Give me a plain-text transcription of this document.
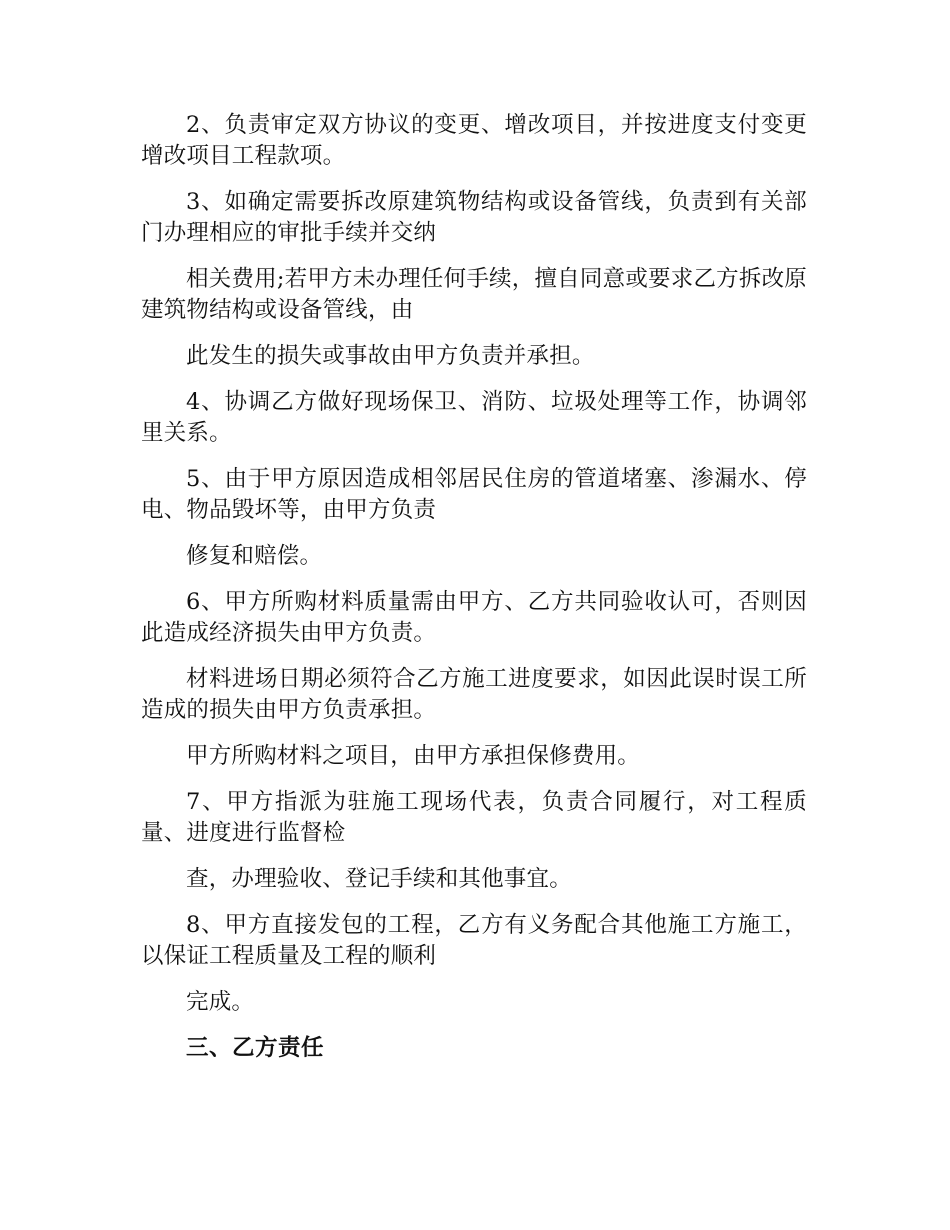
2、负责审定双方协议的变更、增改项目，并按进度支付变更增改项目工程款项。

3、如确定需要拆改原建筑物结构或设备管线，负责到有关部门办理相应的审批手续并交纳

相关费用;若甲方未办理任何手续，擅自同意或要求乙方拆改原建筑物结构或设备管线，由

此发生的损失或事故由甲方负责并承担。

4、协调乙方做好现场保卫、消防、垃圾处理等工作，协调邻里关系。

5、由于甲方原因造成相邻居民住房的管道堵塞、渗漏水、停电、物品毁坏等，由甲方负责

修复和赔偿。

6、甲方所购材料质量需由甲方、乙方共同验收认可，否则因此造成经济损失由甲方负责。

材料进场日期必须符合乙方施工进度要求，如因此误时误工所造成的损失由甲方负责承担。

甲方所购材料之项目，由甲方承担保修费用。

7、甲方指派为驻施工现场代表，负责合同履行，对工程质量、进度进行监督检

查，办理验收、登记手续和其他事宜。

8、甲方直接发包的工程，乙方有义务配合其他施工方施工，以保证工程质量及工程的顺利

完成。

三、乙方责任
